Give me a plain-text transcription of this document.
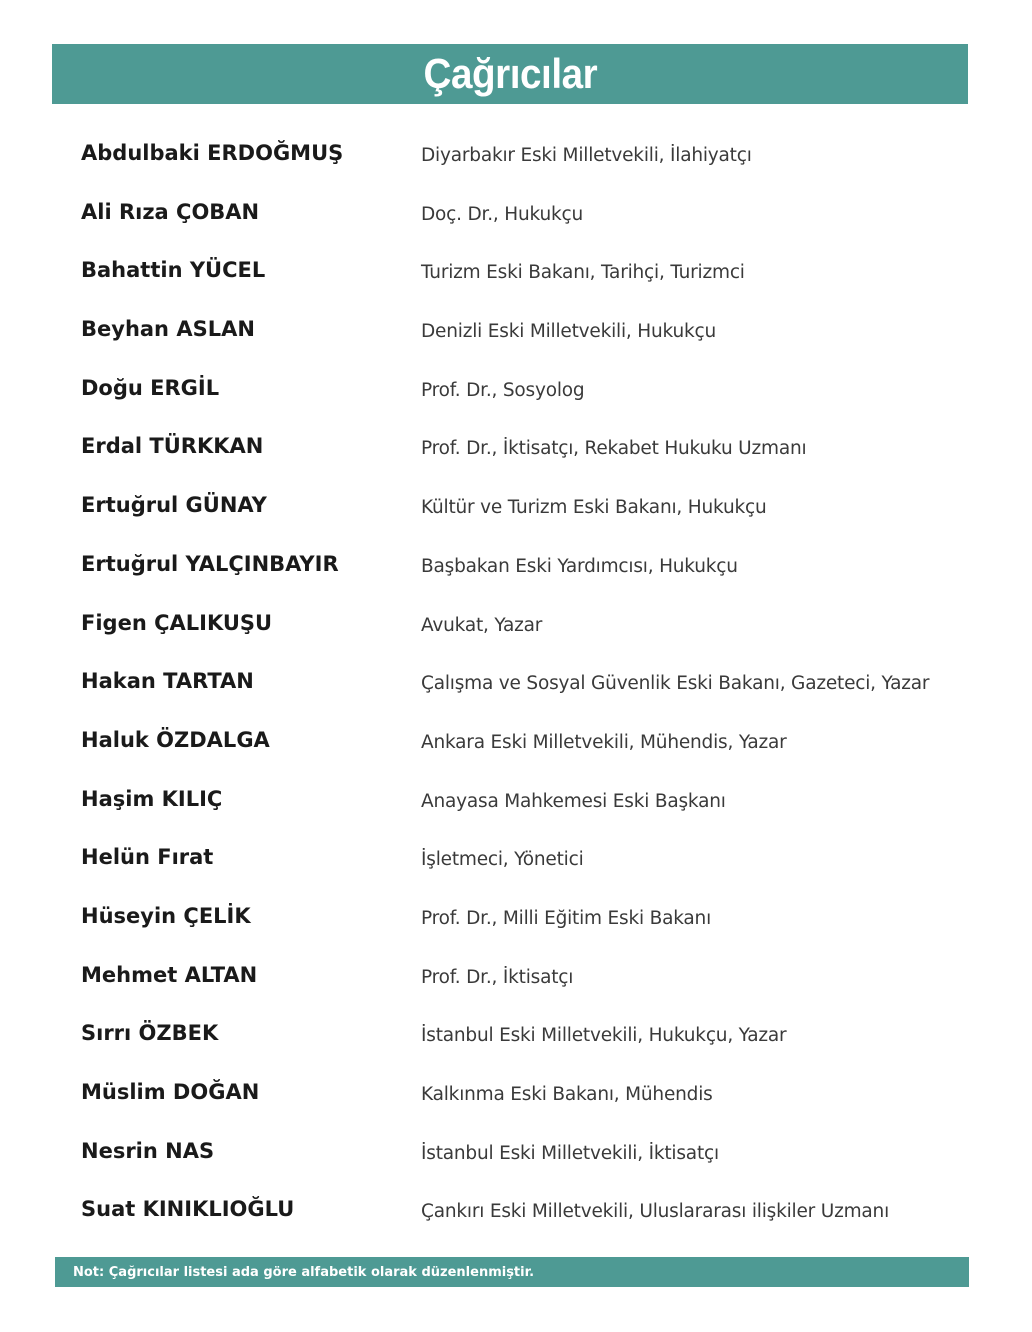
Çağrıcılar
Abdulbaki ERDOĞMUŞ	Diyarbakır Eski Milletvekili, İlahiyatçı
Ali Rıza ÇOBAN	Doç. Dr., Hukukçu
Bahattin YÜCEL	Turizm Eski Bakanı, Tarihçi, Turizmci
Beyhan ASLAN	Denizli Eski Milletvekili, Hukukçu
Doğu ERGİL	Prof. Dr., Sosyolog
Erdal TÜRKKAN	Prof. Dr., İktisatçı, Rekabet Hukuku Uzmanı
Ertuğrul GÜNAY	Kültür ve Turizm Eski Bakanı, Hukukçu
Ertuğrul YALÇINBAYIR	Başbakan Eski Yardımcısı, Hukukçu
Figen ÇALIKUŞU	Avukat, Yazar
Hakan TARTAN	Çalışma ve Sosyal Güvenlik Eski Bakanı, Gazeteci, Yazar
Haluk ÖZDALGA	Ankara Eski Milletvekili, Mühendis, Yazar
Haşim KILIÇ	Anayasa Mahkemesi Eski Başkanı
Helün Fırat	İşletmeci, Yönetici
Hüseyin ÇELİK	Prof. Dr., Milli Eğitim Eski Bakanı
Mehmet ALTAN	Prof. Dr., İktisatçı
Sırrı ÖZBEK	İstanbul Eski Milletvekili, Hukukçu, Yazar
Müslim DOĞAN	Kalkınma Eski Bakanı, Mühendis
Nesrin NAS	İstanbul Eski Milletvekili, İktisatçı
Suat KINIKLIOĞLU	Çankırı Eski Milletvekili, Uluslararası ilişkiler Uzmanı
Not: Çağrıcılar listesi ada göre alfabetik olarak düzenlenmiştir.
